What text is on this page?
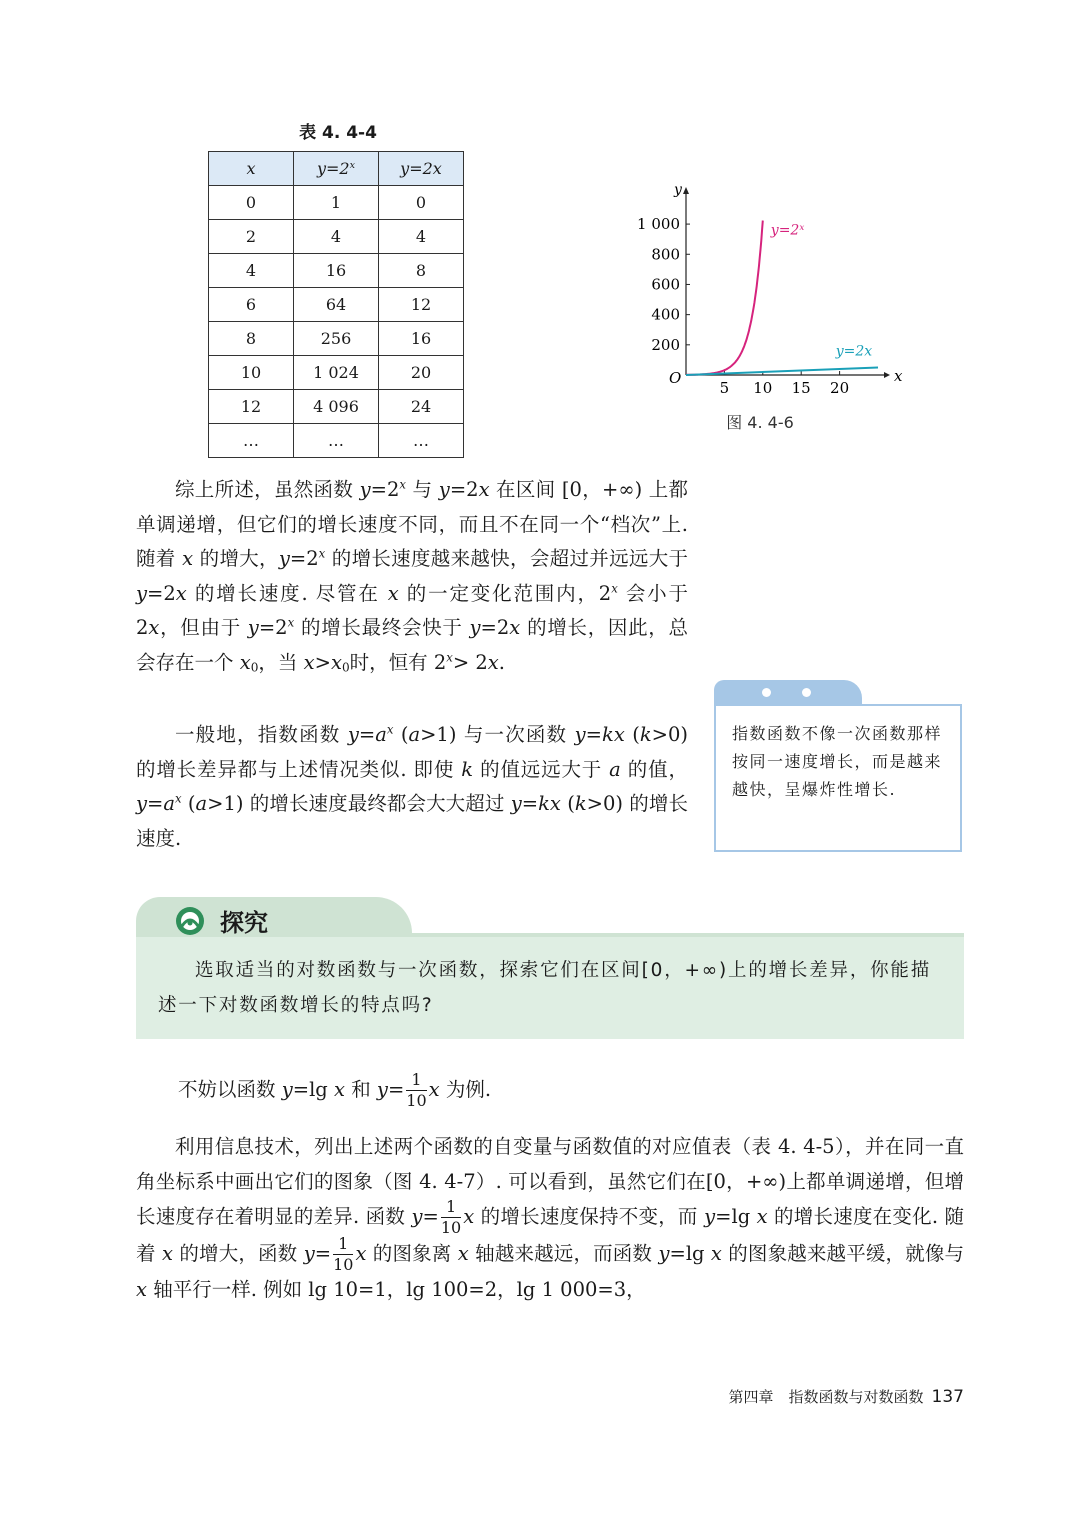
表 4. 4-4
x	$y=2^x$	y=2x
0	1	0
2	4	4
4	16	8
6	64	12
8	256	16
10	1 024	20
12	4 096	24
…	…	…
x
y
O
5 10 15 20
200
400
600
800
1 000	y=2ˣ
y=2x
图 4. 4-6
综上所述，虽然函数 $y=2^x$ 与 y=2x 在区间 [0，+∞) 上都单调递增，但它们的增长速度不同，而且不在同一个“档次”上. 随着 x 的增大，$y=2^x$ 的增长速度越来越快，会超过并远远大于 y=2x 的增长速度. 尽管在 x 的一定变化范围内，2$^x$ 会小于 2x，但由于 $y=2^x$ 的增长最终会快于 y=2x 的增长，因此，总会存在一个 $x_0$，当 $x>x_0$时，恒有 $2^x> 2x$.
一般地，指数函数 $y=a^x$ (a>1) 与一次函数 y=kx (k>0) 的增长差异都与上述情况类似. 即使 k 的值远远大于 a 的值，$y=a^x$ (a>1) 的增长速度最终都会大大超过 y=kx (k>0) 的增长速度.
指数函数不像一次函数那样按同一速度增长，而是越来越快，呈爆炸性增长.
探究
选取适当的对数函数与一次函数，探索它们在区间[0，+∞)上的增长差异，你能描述一下对数函数增长的特点吗?
不妨以函数 y=lg x 和 $y= \frac{1}{10}$ x 为例.
利用信息技术，列出上述两个函数的自变量与函数值的对应值表（表 4. 4-5），并在同一直角坐标系中画出它们的图象（图 4. 4-7）. 可以看到，虽然它们在[0，+∞)上都单调递增，但增长速度存在着明显的差异. 函数 $y= \frac{1}{10}$ x 的增长速度保持不变，而 y=lg x 的增长速度在变化. 随着 x 的增大，函数 $y= \frac{1}{10}$ x 的图象离 x 轴越来越远，而函数 y=lg x 的图象越来越平缓，就像与 x 轴平行一样. 例如 lg 10=1，lg 100=2，lg 1 000=3，
第四章　指数函数与对数函数 137
